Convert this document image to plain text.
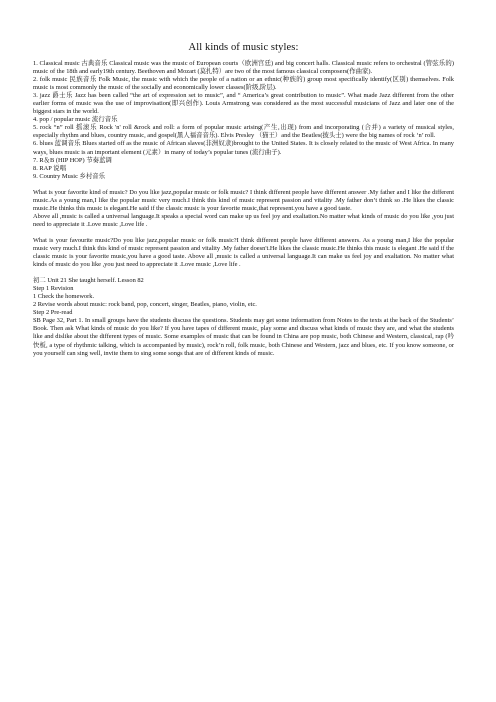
All kinds of music styles:

1. Classical music 古典音乐 Classical music was the music of European courts（欧洲宫廷) and big concert halls. Classical music refers to orchestral (管弦乐的) music of the 18th and early19th century. Beethoven and Mozart (莫扎特）are two of the most famous classical composers(作曲家).

2. folk music 民族音乐 Folk Music, the music with which the people of a nation or an ethnic(种族的) group most specifically identify(区别) themselves. Folk music is most commonly the music of the socially and economically lower classes(阶级,阶层).

3. jazz 爵士乐 Jazz has been called “the art of expression set to music”, and “ America’s great contribution to music”. What made Jazz different from the other earlier forms of music was the use of improvisation(即兴创作). Louis Armstrong was considered as the most successful musicians of Jazz and later one of the biggest stars in the world.

4. pop / popular music 流行音乐

5. rock “n” roll 摇滚乐 Rock 'n' roll &rock and roll: a form of popular music arising(产生,出现) from and incorporating (合并) a variety of musical styles, especially rhythm and blues, country music, and gospel(黑人福音音乐). Elvis Presley （猫王）and the Beatles(披头士) were the big names of rock ‘n’ roll.

6. blues 蓝调音乐 Blues started off as the music of African slaves(非洲奴隶)brought to the United States. It is closely related to the music of West Africa. In many ways, blues music is an important element (元素）in many of today’s popular tunes (流行曲子).

7. R＆B (HIP HOP) 节奏蓝调

8. RAP 说唱

9. Country Music 乡村音乐

What is your favorite kind of music? Do you like jazz,popular music or folk music? I think different people have different answer .My father and I like the different music.As a young man,I like the popular music very much.I think this kind of music represent passion and vitality .My father don’t think so .He likes the classic music.He thinks this music is elegant.He said if the classic music is your favorite music,that represent.you have a good taste.

Above all ,music is called a universal language.It speaks a special word can make up us feel joy and exaltation.No matter what kinds of music do you like ,you just need to appreciate it .Love music ,Love life .

What is your favourite music?Do you like jazz,popular music or folk music?I think different people have different answers. As a young man,I like the popular music very much.I think this kind of music represent passion and vitality .My father doesn't.He likes the classic music.He thinks this music is elegant .He said if the classic music is your favorite music,you have a good taste. Above all ,music is called a universal language.It can make us feel joy and exaltation. No matter what kinds of music do you like ,you just need to appreciate it .Love music ,Love life .

初二 Unit 21 She taught herself. Lesson 82

Step 1 Revision

1 Check the homework.

2 Revise words about music: rock band, pop, concert, singer, Beatles, piano, violin, etc.

Step 2 Pre-read

SB Page 32, Part 1. In small groups have the students discuss the questions. Students may get some information from Notes to the texts at the back of the Students’ Book. Then ask What kinds of music do you like? If you have tapes of different music, play some and discuss what kinds of music they are, and what the students like and dislike about the different types of music. Some examples of music that can be found in China are pop music, both Chinese and Western, classical, rap (吟快板, a type of rhythmic talking, which is accompanied by music), rock’n roll, folk music, both Chinese and Western, jazz and blues, etc. If you know someone, or you yourself can sing well, invite them to sing some songs that are of different kinds of music.
